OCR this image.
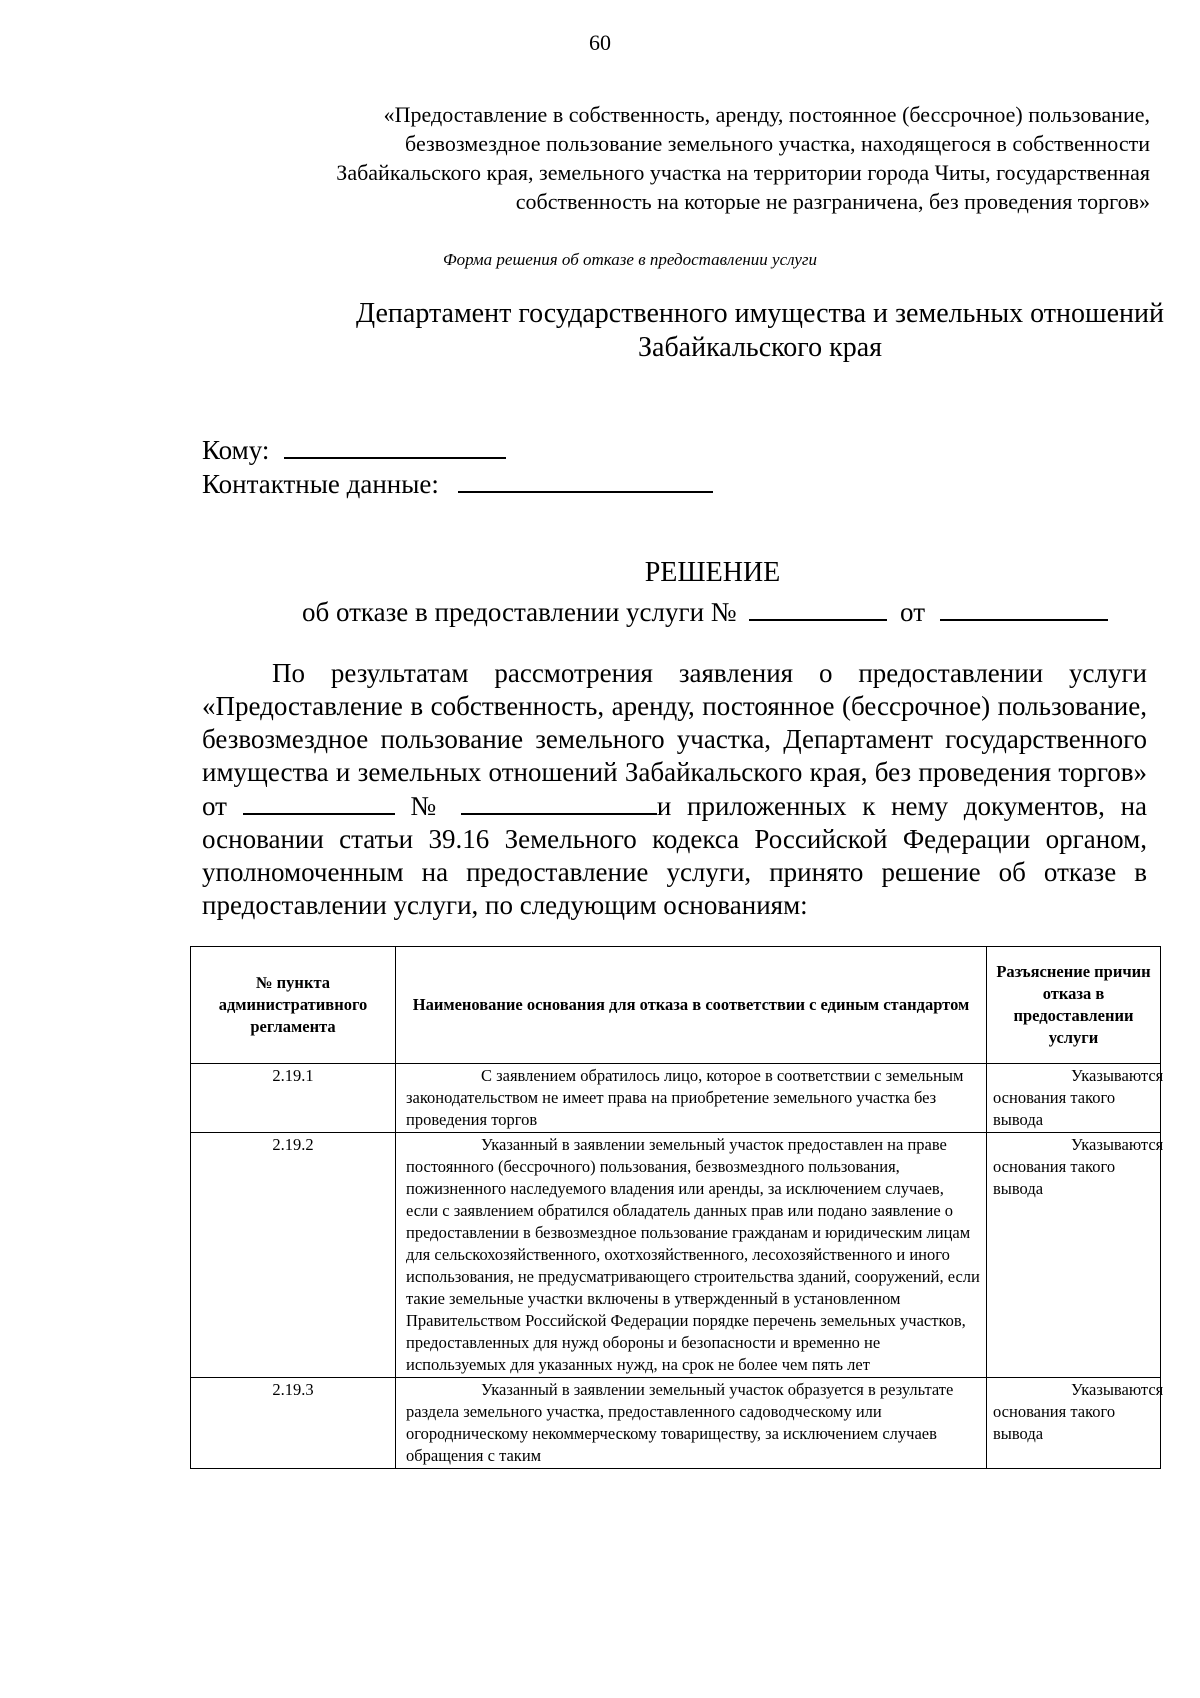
60
«Предоставление в собственность, аренду, постоянное (бессрочное) пользование,
безвозмездное пользование земельного участка, находящегося в собственности
Забайкальского края, земельного участка на территории города Читы, государственная
собственность на которые не разграничена, без проведения торгов»
Форма решения об отказе в предоставлении услуги
Департамент государственного имущества и земельных отношений
Забайкальского края
Кому:
Контактные данные:
РЕШЕНИЕ
об отказе в предоставлении услуги №	от
По результатам рассмотрения заявления о предоставлении услуги «Предоставление в собственность, аренду, постоянное (бессрочное) пользование, безвозмездное пользование земельного участка, Департамент государственного имущества и земельных отношений Забайкальского края, без проведения торгов» от	№	и приложенных к нему документов, на основании статьи 39.16 Земельного кодекса Российской Федерации органом, уполномоченным на предоставление услуги, принято решение об отказе в предоставлении услуги, по следующим основаниям:
№ пункта административного регламента	Наименование основания для отказа в соответствии с единым стандартом	Разъяснение причин отказа в предоставлении услуги
2.19.1	С заявлением обратилось лицо, которое в соответствии с земельным законодательством не имеет права на приобретение земельного участка без проведения торгов	Указываются основания такого вывода
2.19.2	Указанный в заявлении земельный участок предоставлен на праве постоянного (бессрочного) пользования, безвозмездного пользования, пожизненного наследуемого владения или аренды, за исключением случаев, если с заявлением обратился обладатель данных прав или подано заявление о предоставлении в безвозмездное пользование гражданам и юридическим лицам для сельскохозяйственного, охотхозяйственного, лесохозяйственного и иного использования, не предусматривающего строительства зданий, сооружений, если такие земельные участки включены в утвержденный в установленном Правительством Российской Федерации порядке перечень земельных участков, предоставленных для нужд обороны и безопасности и временно не используемых для указанных нужд, на срок не более чем пять лет	Указываются основания такого вывода
2.19.3	Указанный в заявлении земельный участок образуется в результате раздела земельного участка, предоставленного садоводческому или огородническому некоммерческому товариществу, за исключением случаев обращения с таким	Указываются основания такого вывода
